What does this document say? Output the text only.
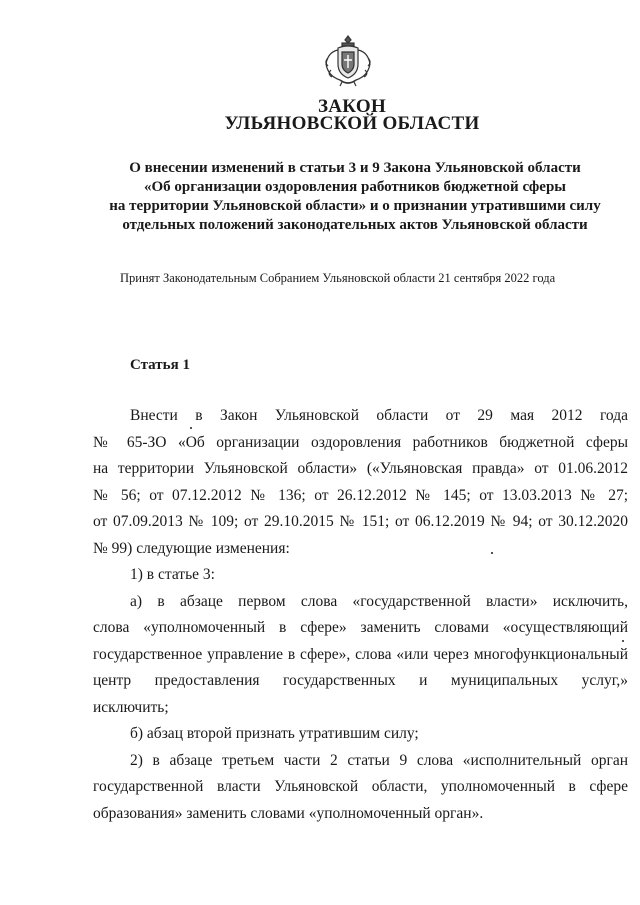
ЗАКОН
УЛЬЯНОВСКОЙ ОБЛАСТИ
О внесении изменений в статьи 3 и 9 Закона Ульяновской области
«Об организации оздоровления работников бюджетной сферы
на территории Ульяновской области» и о признании утратившими силу
отдельных положений законодательных актов Ульяновской области
Принят Законодательным Собранием Ульяновской области 21 сентября 2022 года
Статья 1
Внести в Закон Ульяновской области от 29 мая 2012 года
№ 65-ЗО «Об организации оздоровления работников бюджетной сферы
на территории Ульяновской области» («Ульяновская правда» от 01.06.2012
№ 56; от 07.12.2012 № 136; от 26.12.2012 № 145; от 13.03.2013 № 27;
от 07.09.2013 № 109; от 29.10.2015 № 151; от 06.12.2019 № 94; от 30.12.2020
№ 99) следующие изменения:
1) в статье 3:
а) в абзаце первом слова «государственной власти» исключить,
слова «уполномоченный в сфере» заменить словами «осуществляющий
государственное управление в сфере», слова «или через многофункциональный
центр предоставления государственных и муниципальных услуг,»
исключить;
б) абзац второй признать утратившим силу;
2) в абзаце третьем части 2 статьи 9 слова «исполнительный орган
государственной власти Ульяновской области, уполномоченный в сфере
образования» заменить словами «уполномоченный орган».
